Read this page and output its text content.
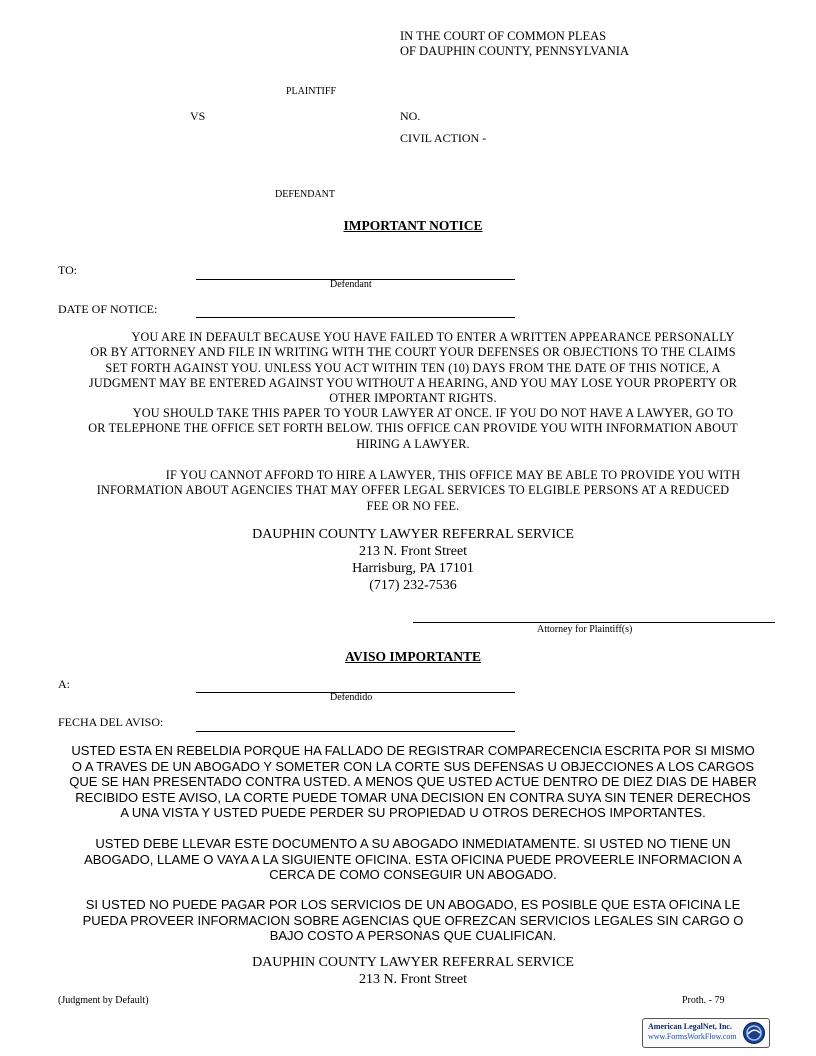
IN THE COURT OF COMMON PLEAS
OF DAUPHIN COUNTY, PENNSYLVANIA
PLAINTIFF
VS	NO.
CIVIL ACTION -
DEFENDANT
IMPORTANT NOTICE
TO:
Defendant
DATE OF NOTICE:
YOU ARE IN DEFAULT BECAUSE YOU HAVE FAILED TO ENTER A WRITTEN APPEARANCE PERSONALLY
OR BY ATTORNEY AND FILE IN WRITING WITH THE COURT YOUR DEFENSES OR OBJECTIONS TO THE CLAIMS
SET FORTH AGAINST YOU. UNLESS YOU ACT WITHIN TEN (10) DAYS FROM THE DATE OF THIS NOTICE, A
JUDGMENT MAY BE ENTERED AGAINST YOU WITHOUT A HEARING, AND YOU MAY LOSE YOUR PROPERTY OR
OTHER IMPORTANT RIGHTS.
YOU SHOULD TAKE THIS PAPER TO YOUR LAWYER AT ONCE. IF YOU DO NOT HAVE A LAWYER, GO TO
OR TELEPHONE THE OFFICE SET FORTH BELOW. THIS OFFICE CAN PROVIDE YOU WITH INFORMATION ABOUT
HIRING A LAWYER.
IF YOU CANNOT AFFORD TO HIRE A LAWYER, THIS OFFICE MAY BE ABLE TO PROVIDE YOU WITH
INFORMATION ABOUT AGENCIES THAT MAY OFFER LEGAL SERVICES TO ELGIBLE PERSONS AT A REDUCED
FEE OR NO FEE.
DAUPHIN COUNTY LAWYER REFERRAL SERVICE
213 N. Front Street
Harrisburg, PA 17101
(717) 232-7536
Attorney for Plaintiff(s)
AVISO IMPORTANTE
A:
Defendido
FECHA DEL AVISO:
USTED ESTA EN REBELDIA PORQUE HA FALLADO DE REGISTRAR COMPARECENCIA ESCRITA POR SI MISMO
O A TRAVES DE UN ABOGADO Y SOMETER CON LA CORTE SUS DEFENSAS U OBJECCIONES A LOS CARGOS
QUE SE HAN PRESENTADO CONTRA USTED. A MENOS QUE USTED ACTUE DENTRO DE DIEZ DIAS DE HABER
RECIBIDO ESTE AVISO, LA CORTE PUEDE TOMAR UNA DECISION EN CONTRA SUYA SIN TENER DERECHOS
A UNA VISTA Y USTED PUEDE PERDER SU PROPIEDAD U OTROS DERECHOS IMPORTANTES.
USTED DEBE LLEVAR ESTE DOCUMENTO A SU ABOGADO INMEDIATAMENTE. SI USTED NO TIENE UN
ABOGADO, LLAME O VAYA A LA SIGUIENTE OFICINA. ESTA OFICINA PUEDE PROVEERLE INFORMACION A
CERCA DE COMO CONSEGUIR UN ABOGADO.
SI USTED NO PUEDE PAGAR POR LOS SERVICIOS DE UN ABOGADO, ES POSIBLE QUE ESTA OFICINA LE
PUEDA PROVEER INFORMACION SOBRE AGENCIAS QUE OFREZCAN SERVICIOS LEGALES SIN CARGO O
BAJO COSTO A PERSONAS QUE CUALIFICAN.
DAUPHIN COUNTY LAWYER REFERRAL SERVICE
213 N. Front Street
(Judgment by Default)	Proth. - 79
American LegalNet, Inc.
www.FormsWorkFlow.com
